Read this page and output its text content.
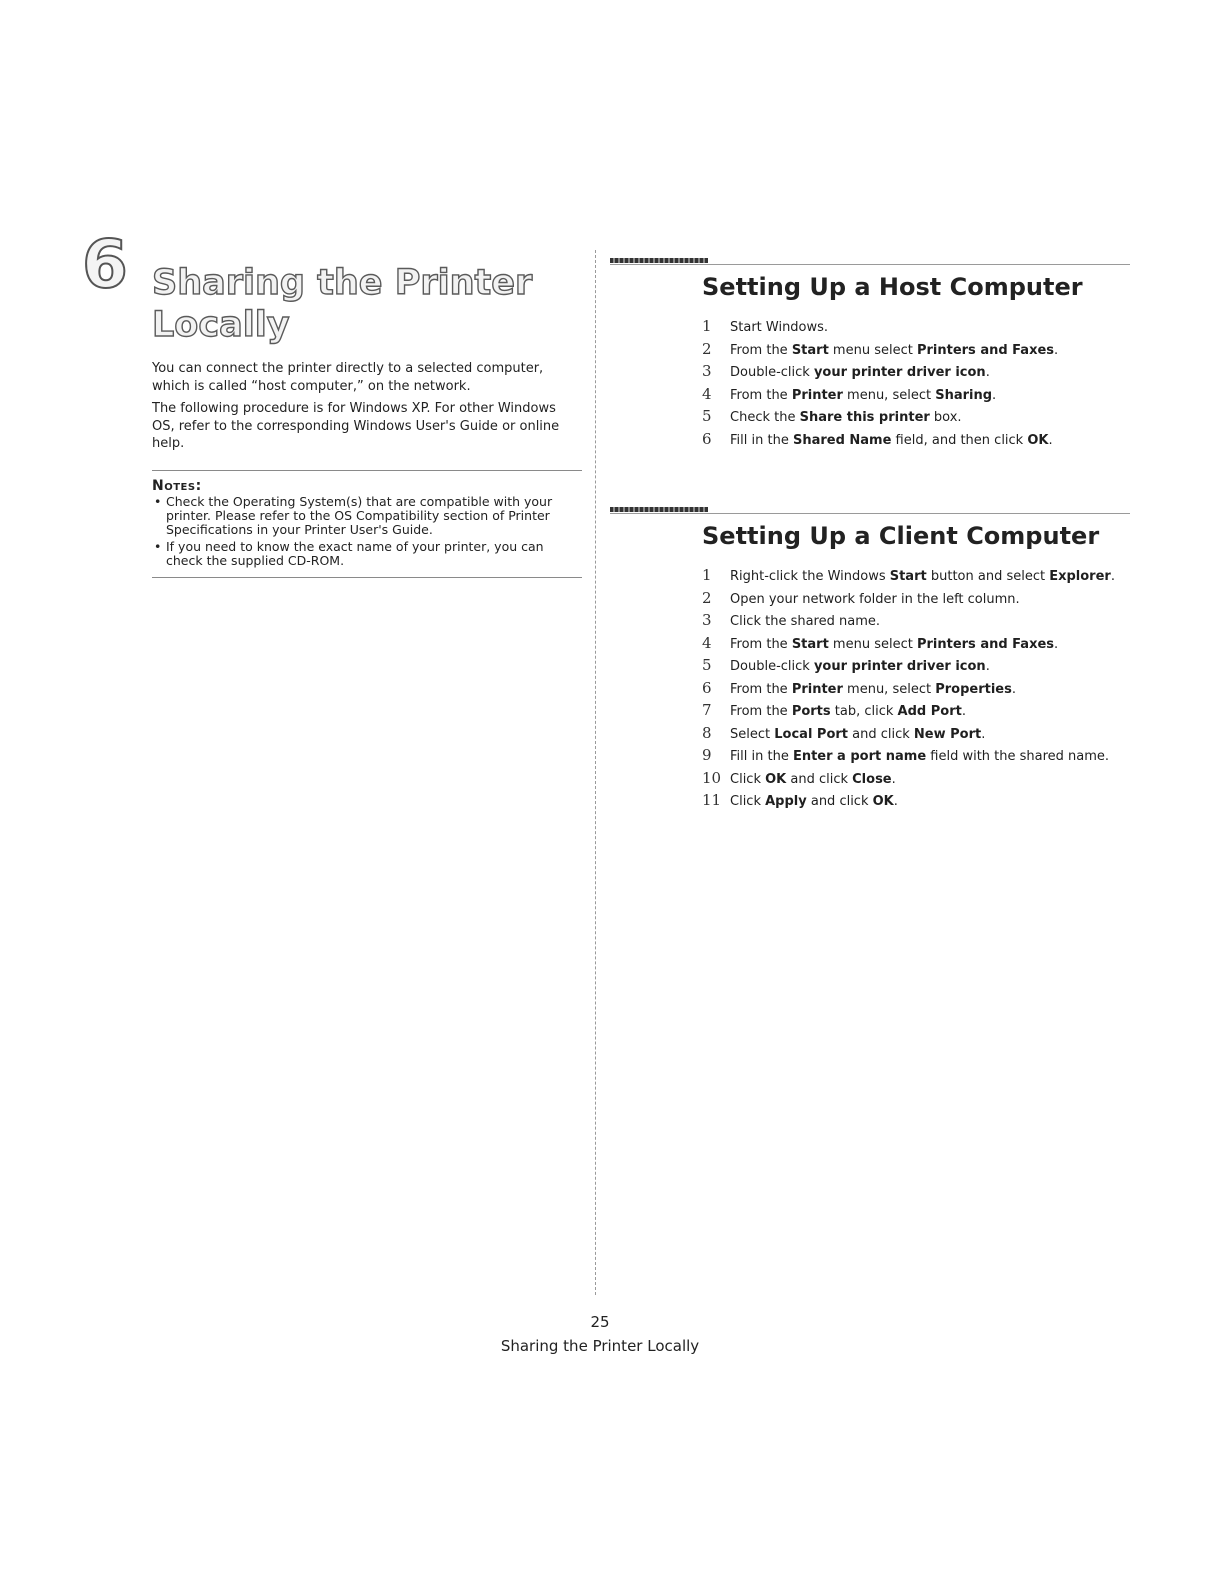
6 Sharing the Printer Locally

You can connect the printer directly to a selected computer, which is called “host computer,” on the network.

The following procedure is for Windows XP. For other Windows OS, refer to the corresponding Windows User's Guide or online help.

Notes:
• Check the Operating System(s) that are compatible with your printer. Please refer to the OS Compatibility section of Printer Specifications in your Printer User's Guide.
• If you need to know the exact name of your printer, you can check the supplied CD-ROM.
Setting Up a Host Computer
1	Start Windows.
2	From the Start menu select Printers and Faxes.
3	Double-click your printer driver icon.
4	From the Printer menu, select Sharing.
5	Check the Share this printer box.
6	Fill in the Shared Name field, and then click OK.
Setting Up a Client Computer
1	Right-click the Windows Start button and select Explorer.
2	Open your network folder in the left column.
3	Click the shared name.
4	From the Start menu select Printers and Faxes.
5	Double-click your printer driver icon.
6	From the Printer menu, select Properties.
7	From the Ports tab, click Add Port.
8	Select Local Port and click New Port.
9	Fill in the Enter a port name field with the shared name.
10 Click OK and click Close.
11 Click Apply and click OK.
25
Sharing the Printer Locally
